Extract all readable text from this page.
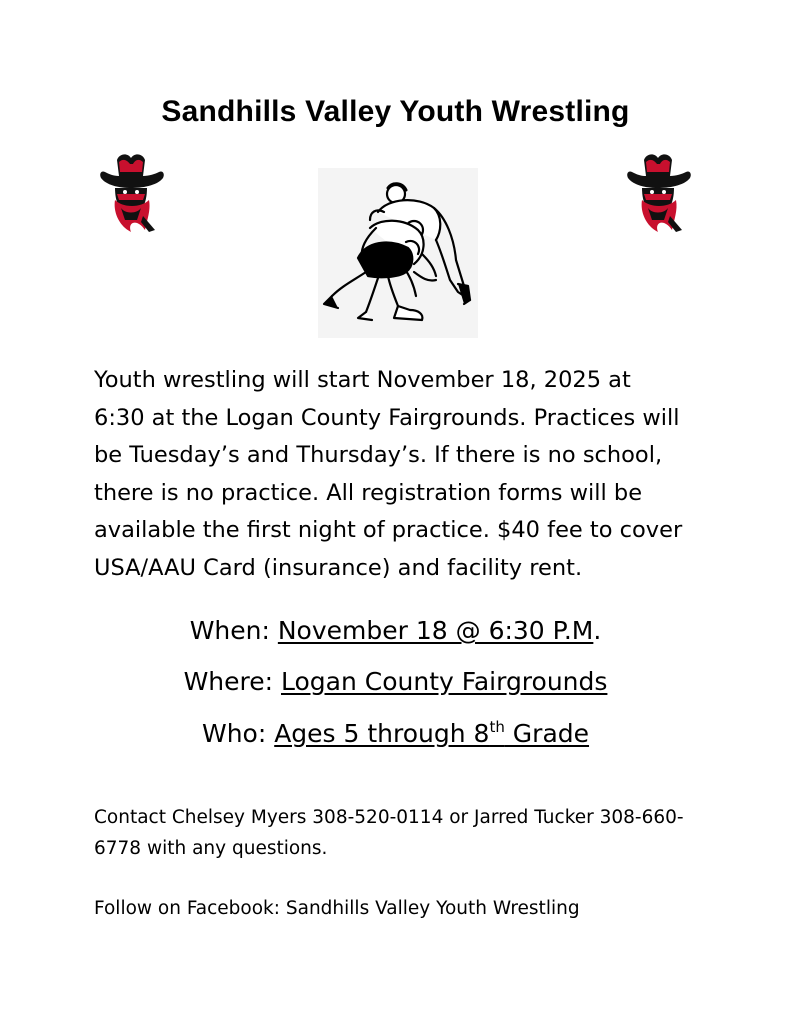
Sandhills Valley Youth Wrestling

Youth wrestling will start November 18, 2025 at

6:30 at the Logan County Fairgrounds. Practices will

be Tuesday’s and Thursday’s. If there is no school,

there is no practice. All registration forms will be

available the first night of practice. $40 fee to cover

USA/AAU Card (insurance) and facility rent.

When: November 18 @ 6:30 P.M.
Where: Logan County Fairgrounds
Who: Ages 5 through 8th Grade
Contact Chelsey Myers 308-520-0114 or Jarred Tucker 308-660-
6778 with any questions.
Follow on Facebook: Sandhills Valley Youth Wrestling
